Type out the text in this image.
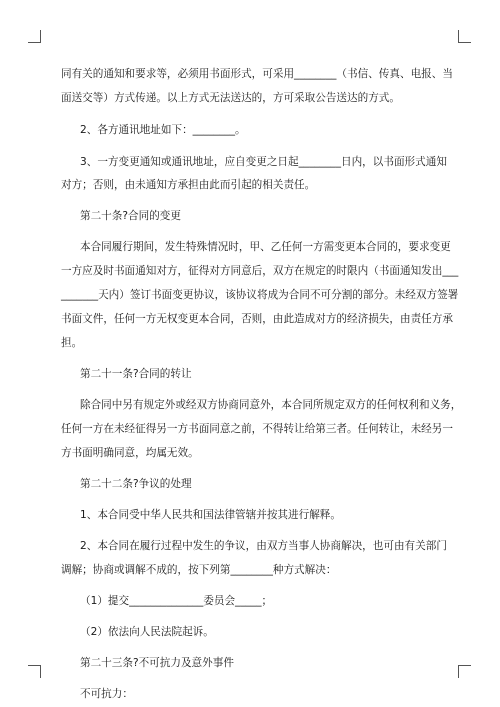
同有关的通知和要求等，必须用书面形式，可采用________（书信、传真、电报、当
面送交等）方式传递。以上方式无法送达的，方可采取公告送达的方式。
2、各方通讯地址如下：________。
3、一方变更通知或通讯地址，应自变更之日起________日内，以书面形式通知
对方；否则，由未通知方承担由此而引起的相关责任。
第二十条?合同的变更
本合同履行期间，发生特殊情况时，甲、乙任何一方需变更本合同的，要求变更
一方应及时书面通知对方，征得对方同意后，双方在规定的时限内（书面通知发出___
_______天内）签订书面变更协议，该协议将成为合同不可分割的部分。未经双方签署
书面文件，任何一方无权变更本合同，否则，由此造成对方的经济损失，由责任方承
担。
第二十一条?合同的转让
除合同中另有规定外或经双方协商同意外，本合同所规定双方的任何权利和义务，
任何一方在未经征得另一方书面同意之前，不得转让给第三者。任何转让，未经另一
方书面明确同意，均属无效。
第二十二条?争议的处理
1、本合同受中华人民共和国法律管辖并按其进行解释。
2、本合同在履行过程中发生的争议，由双方当事人协商解决，也可由有关部门
调解；协商或调解不成的，按下列第________种方式解决：
（1）提交______________委员会_____；
（2）依法向人民法院起诉。
第二十三条?不可抗力及意外事件
不可抗力：
